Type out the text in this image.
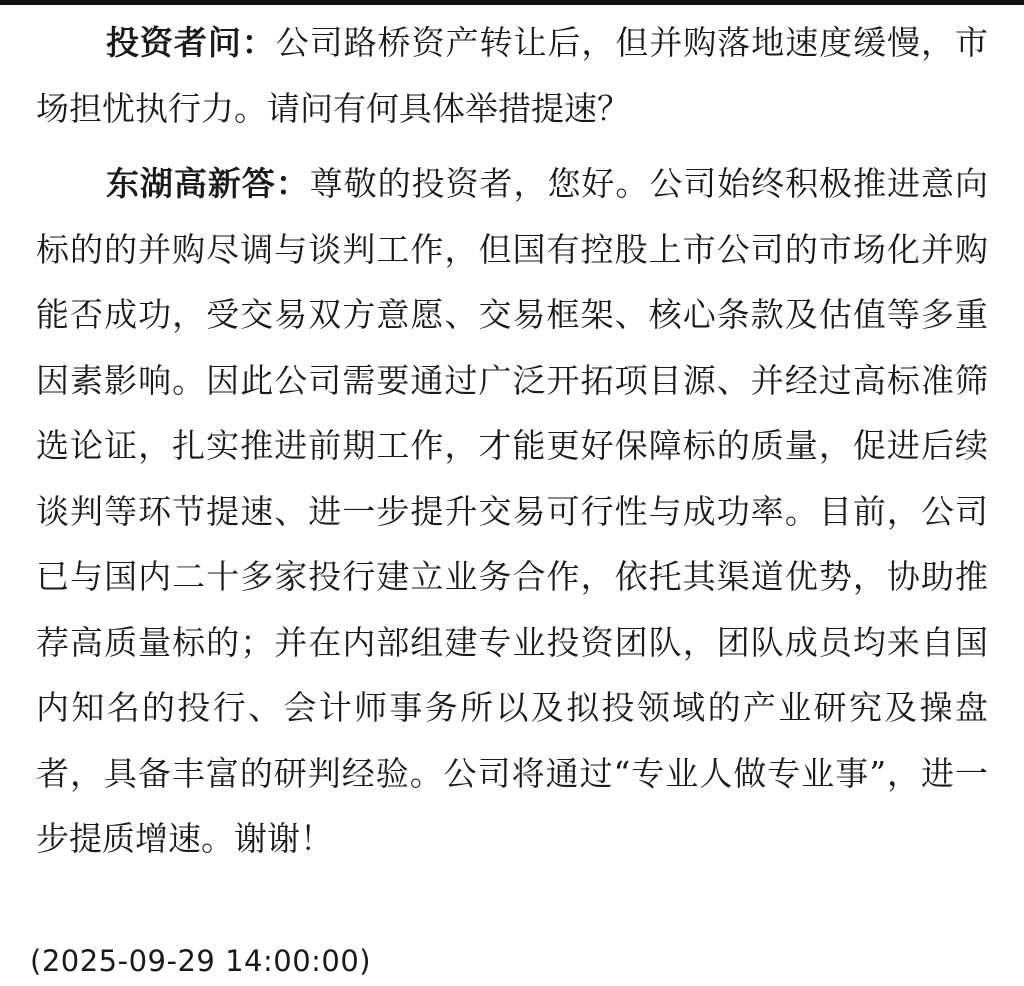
投资者问：公司路桥资产转让后，但并购落地速度缓慢，市场担忧执行力。请问有何具体举措提速？

东湖高新答：尊敬的投资者，您好。公司始终积极推进意向标的的并购尽调与谈判工作，但国有控股上市公司的市场化并购能否成功，受交易双方意愿、交易框架、核心条款及估值等多重因素影响。因此公司需要通过广泛开拓项目源、并经过高标准筛选论证，扎实推进前期工作，才能更好保障标的质量，促进后续谈判等环节提速、进一步提升交易可行性与成功率。目前，公司已与国内二十多家投行建立业务合作，依托其渠道优势，协助推荐高质量标的；并在内部组建专业投资团队，团队成员均来自国内知名的投行、会计师事务所以及拟投领域的产业研究及操盘者，具备丰富的研判经验。公司将通过“专业人做专业事”，进一步提质增速。谢谢！

(2025-09-29 14:00:00)
